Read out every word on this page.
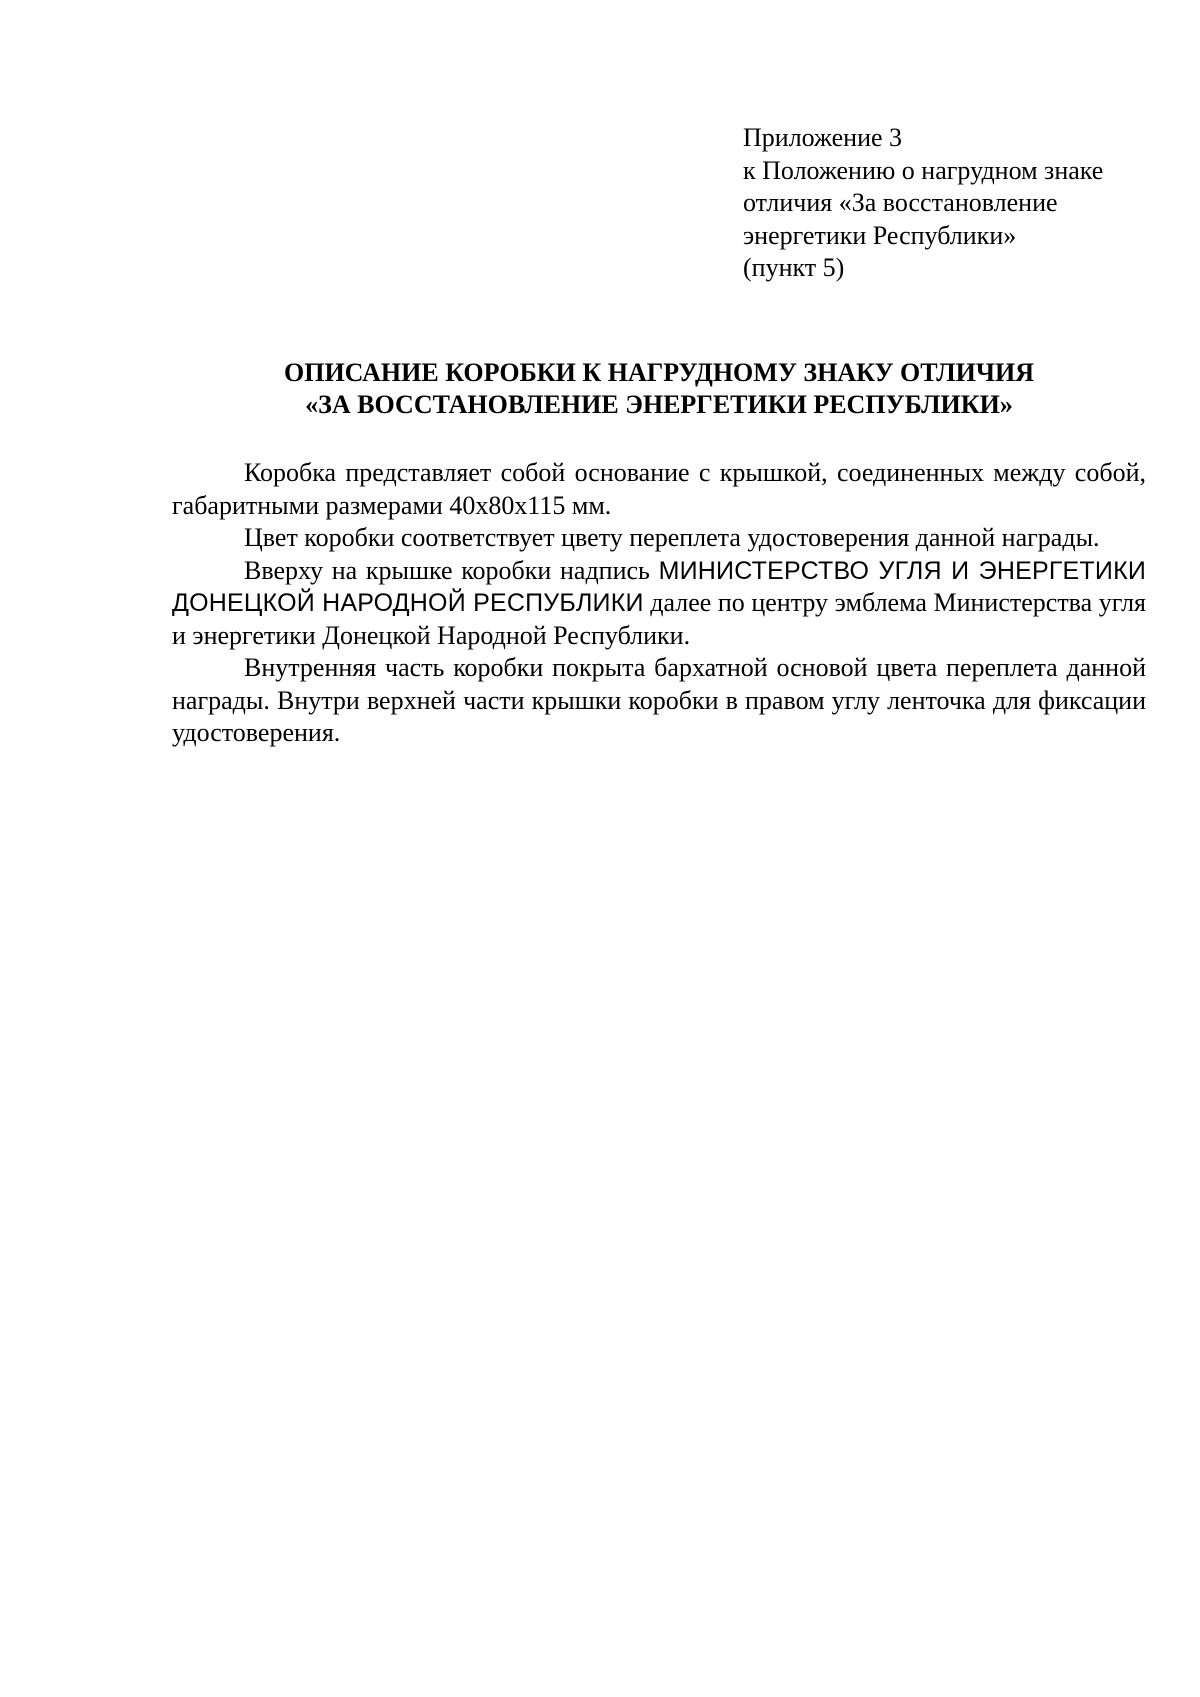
Приложение 3
к Положению о нагрудном знаке
отличия «За восстановление
энергетики Республики»
(пункт 5)
ОПИСАНИЕ КОРОБКИ К НАГРУДНОМУ ЗНАКУ ОТЛИЧИЯ
«ЗА ВОССТАНОВЛЕНИЕ ЭНЕРГЕТИКИ РЕСПУБЛИКИ»

Коробка представляет собой основание с крышкой, соединенных между собой, габаритными размерами 40х80х115 мм.

Цвет коробки соответствует цвету переплета удостоверения данной награды.

Вверху на крышке коробки надпись МИНИСТЕРСТВО УГЛЯ И ЭНЕРГЕТИКИ ДОНЕЦКОЙ НАРОДНОЙ РЕСПУБЛИКИ далее по центру эмблема Министерства угля и энергетики Донецкой Народной Республики.

Внутренняя часть коробки покрыта бархатной основой цвета переплета данной награды. Внутри верхней части крышки коробки в правом углу ленточка для фиксации удостоверения.
